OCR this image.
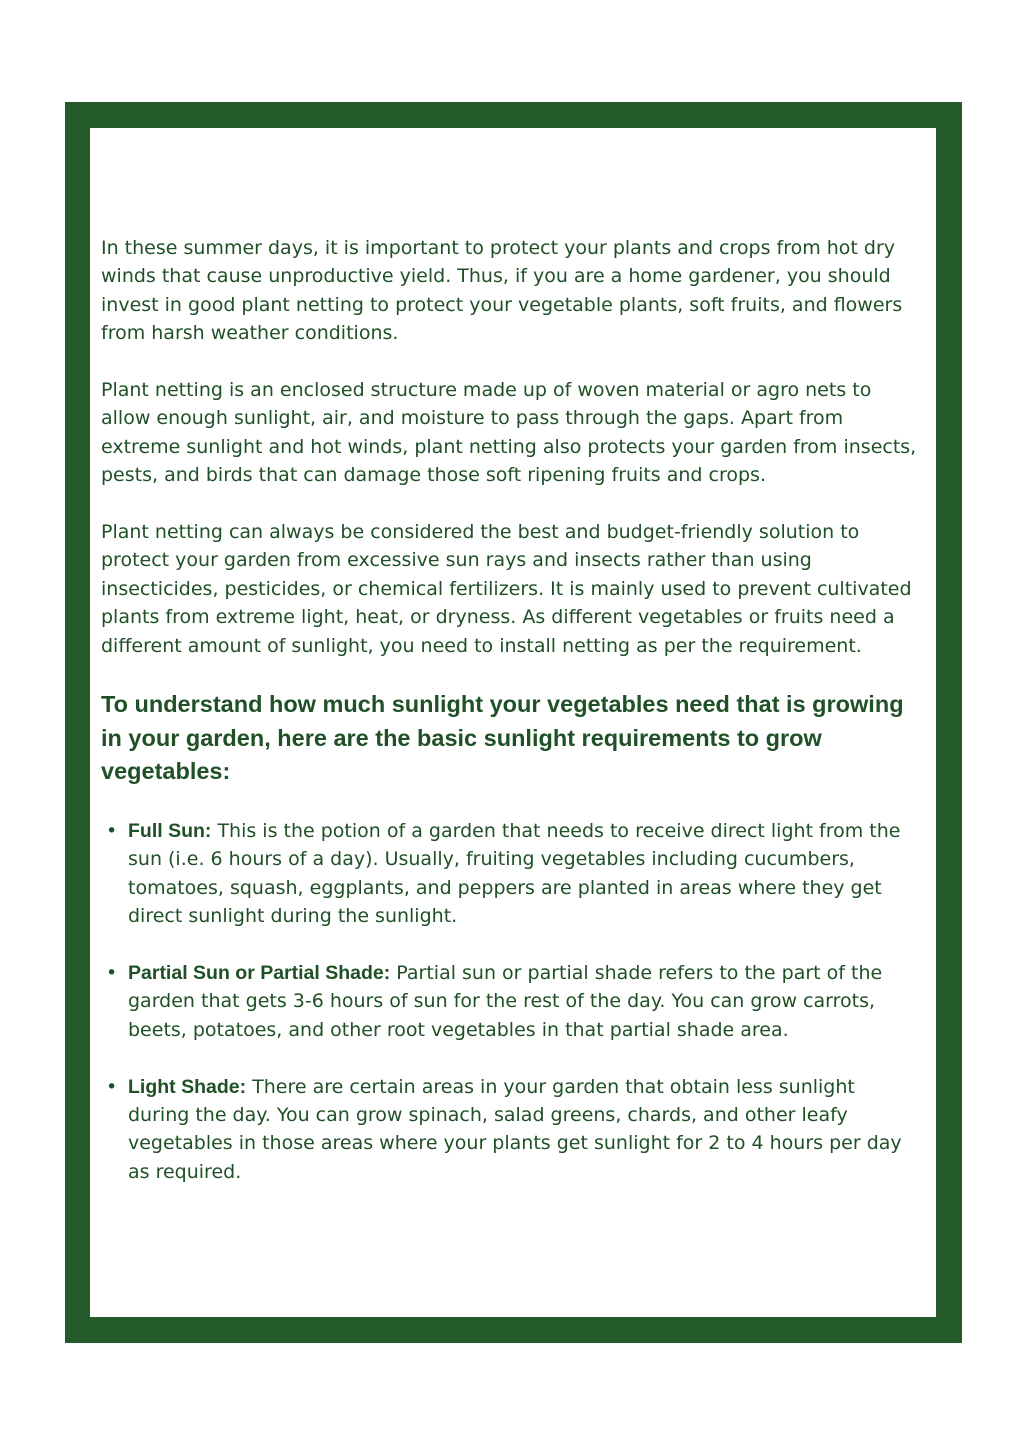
In these summer days, it is important to protect your plants and crops from hot dry winds that cause unproductive yield. Thus, if you are a home gardener, you should invest in good plant netting to protect your vegetable plants, soft fruits, and flowers from harsh weather conditions.

Plant netting is an enclosed structure made up of woven material or agro nets to allow enough sunlight, air, and moisture to pass through the gaps. Apart from extreme sunlight and hot winds, plant netting also protects your garden from insects, pests, and birds that can damage those soft ripening fruits and crops.

Plant netting can always be considered the best and budget-friendly solution to protect your garden from excessive sun rays and insects rather than using insecticides, pesticides, or chemical fertilizers. It is mainly used to prevent cultivated plants from extreme light, heat, or dryness. As different vegetables or fruits need a different amount of sunlight, you need to install netting as per the requirement.

To understand how much sunlight your vegetables need that is growing in your garden, here are the basic sunlight requirements to grow vegetables:
• Full Sun: This is the potion of a garden that needs to receive direct light from the sun (i.e. 6 hours of a day). Usually, fruiting vegetables including cucumbers, tomatoes, squash, eggplants, and peppers are planted in areas where they get direct sunlight during the sunlight.
• Partial Sun or Partial Shade: Partial sun or partial shade refers to the part of the garden that gets 3-6 hours of sun for the rest of the day. You can grow carrots, beets, potatoes, and other root vegetables in that partial shade area.
• Light Shade: There are certain areas in your garden that obtain less sunlight during the day. You can grow spinach, salad greens, chards, and other leafy vegetables in those areas where your plants get sunlight for 2 to 4 hours per day as required.
